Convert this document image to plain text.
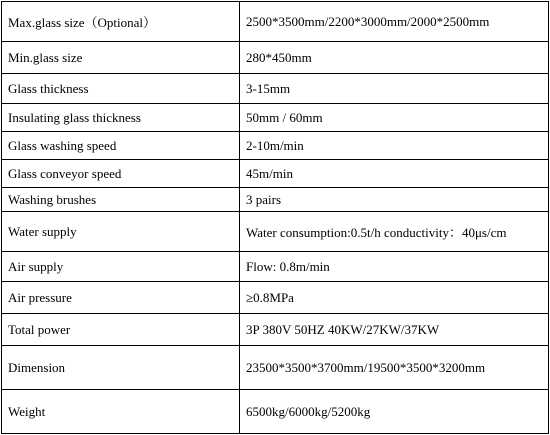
Max.glass size（Optional）	2500*3500mm/2200*3000mm/2000*2500mm
Min.glass size	280*450mm
Glass thickness	3-15mm
Insulating glass thickness	50mm / 60mm
Glass washing speed	2-10m/min
Glass conveyor speed	45m/min
Washing brushes	3 pairs
Water supply	Water consumption:0.5t/h conductivity：40μs/cm
Air supply	Flow: 0.8m/min
Air pressure	≥0.8MPa
Total power	3P 380V 50HZ 40KW/27KW/37KW
Dimension	23500*3500*3700mm/19500*3500*3200mm
Weight	6500kg/6000kg/5200kg
